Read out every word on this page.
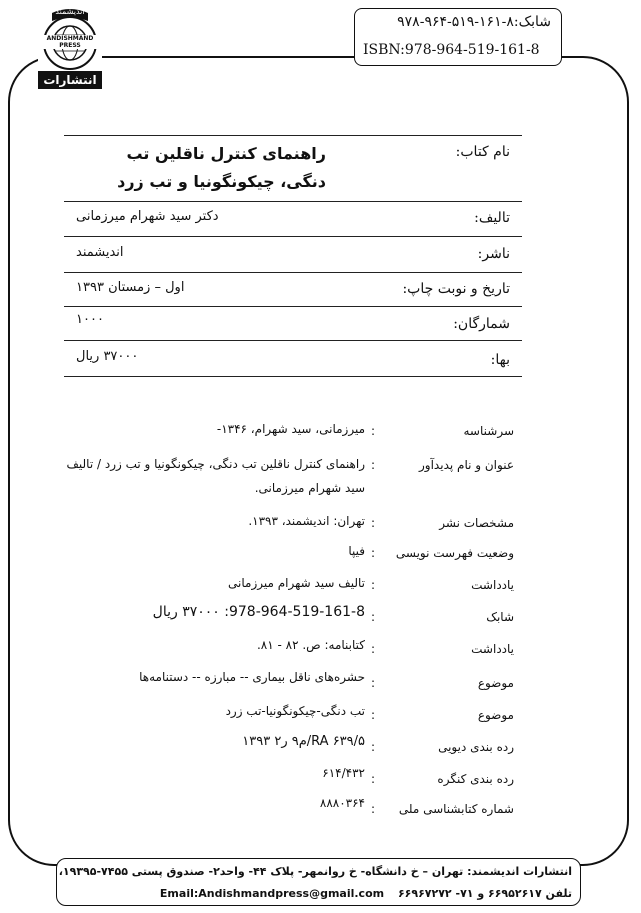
ANDISHMAND PRESS
اندیشمند
انتشارات
شابک:۸-۱۶۱-۵۱۹-۹۶۴-۹۷۸
ISBN:978-964-519-161-8
نام کتاب:
راهنمای کنترل ناقلین تب دنگی، چیکونگونیا و تب زرد
تالیف:
دکتر سید شهرام میرزمانی
ناشر:
اندیشمند
تاریخ و نوبت چاپ:
اول – زمستان ۱۳۹۳
شمارگان:
۱۰۰۰
بها:
۳۷۰۰۰ ریال
سرشناسه
:
میرزمانی، سید شهرام، ۱۳۴۶-
عنوان و نام پدیدآور
:
راهنمای کنترل ناقلین تب دنگی، چیکونگونیا و تب زرد / تالیف سید شهرام میرزمانی.
مشخصات نشر
:
تهران: اندیشمند، ۱۳۹۳.
وضعیت فهرست نویسی
:
فیپا
یادداشت
:
تالیف سید شهرام میرزمانی
شابک
:
978-964-519-161-8: ۳۷۰۰۰ ریال
یادداشت
:
کتابنامه: ص. ۸۲ - ۸۱.
موضوع
:
حشره‌های ناقل بیماری -- مبارزه -- دستنامه‌ها
موضوع
:
تب دنگی-چیکونگونیا-تب زرد
رده بندی دیویی
:
RA ۶۳۹/۵/م۹ ر۲ ۱۳۹۳
رده بندی کنگره
:
۶۱۴/۴۳۲
شماره کتابشناسی ملی
:
۸۸۸۰۳۶۴
انتشارات اندیشمند: تهران – خ دانشگاه- خ روانمهر- پلاک ۴۴- واحد۲- صندوق پستی ۷۴۵۵-۱۹۳۹۵،
تلفن ۶۶۹۵۲۶۱۷ و ۷۱- ۶۶۹۶۷۲۷۲ Email:Andishmandpress@gmail.com
